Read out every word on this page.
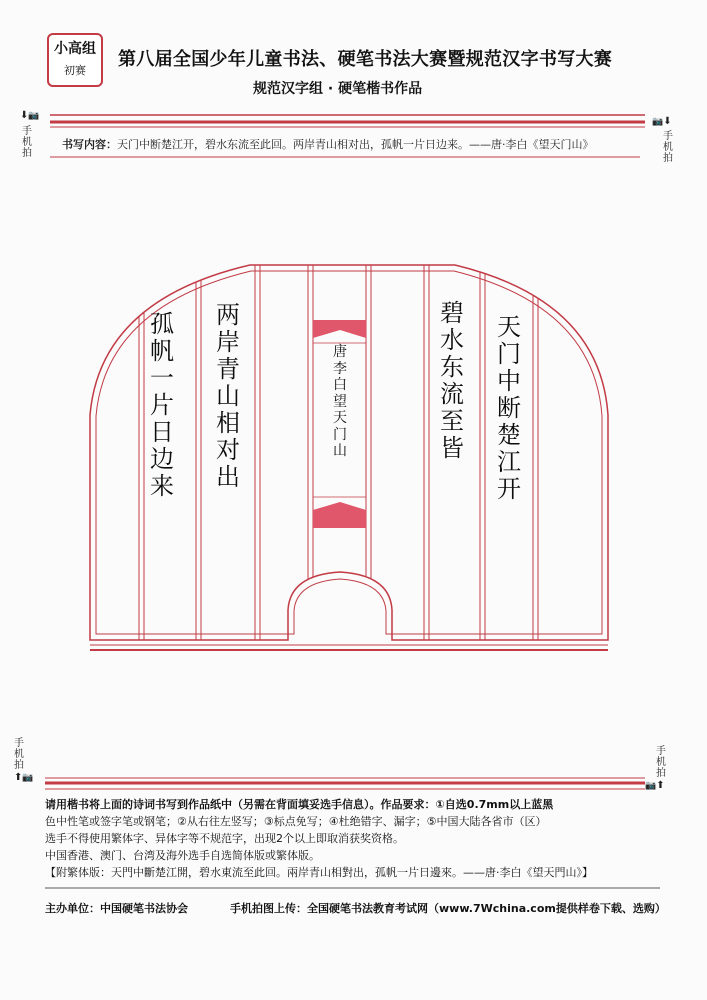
小高组
初赛
第八届全国少年儿童书法、硬笔书法大赛暨规范汉字书写大赛
规范汉字组 · 硬笔楷书作品
⬇📷
手机拍
📷⬇
手机拍
书写内容：天门中断楚江开，碧水东流至此回。两岸青山相对出，孤帆一片日边来。——唐·李白《望天门山》
天门中断楚江开
碧水东流至皆
两岸青山相对出
孤帆一片日边来
唐李白望天门山
手机拍
⬆📷
手机拍
📷⬆

请用楷书将上面的诗词书写到作品纸中（另需在背面填妥选手信息）。作品要求：①自选0.7mm以上蓝黑

色中性笔或签字笔或钢笔；②从右往左竖写；③标点免写；④杜绝错字、漏字；⑤中国大陆各省市（区）

选手不得使用繁体字、异体字等不规范字，出现2个以上即取消获奖资格。

中国香港、澳门、台湾及海外选手自选简体版或繁体版。

【附繁体版：天門中斷楚江開，碧水東流至此回。兩岸青山相對出，孤帆一片日邊來。——唐·李白《望天門山》】

主办单位：中国硬笔书法协会	手机拍图上传：全国硬笔书法教育考试网（www.7Wchina.com提供样卷下载、选购）
